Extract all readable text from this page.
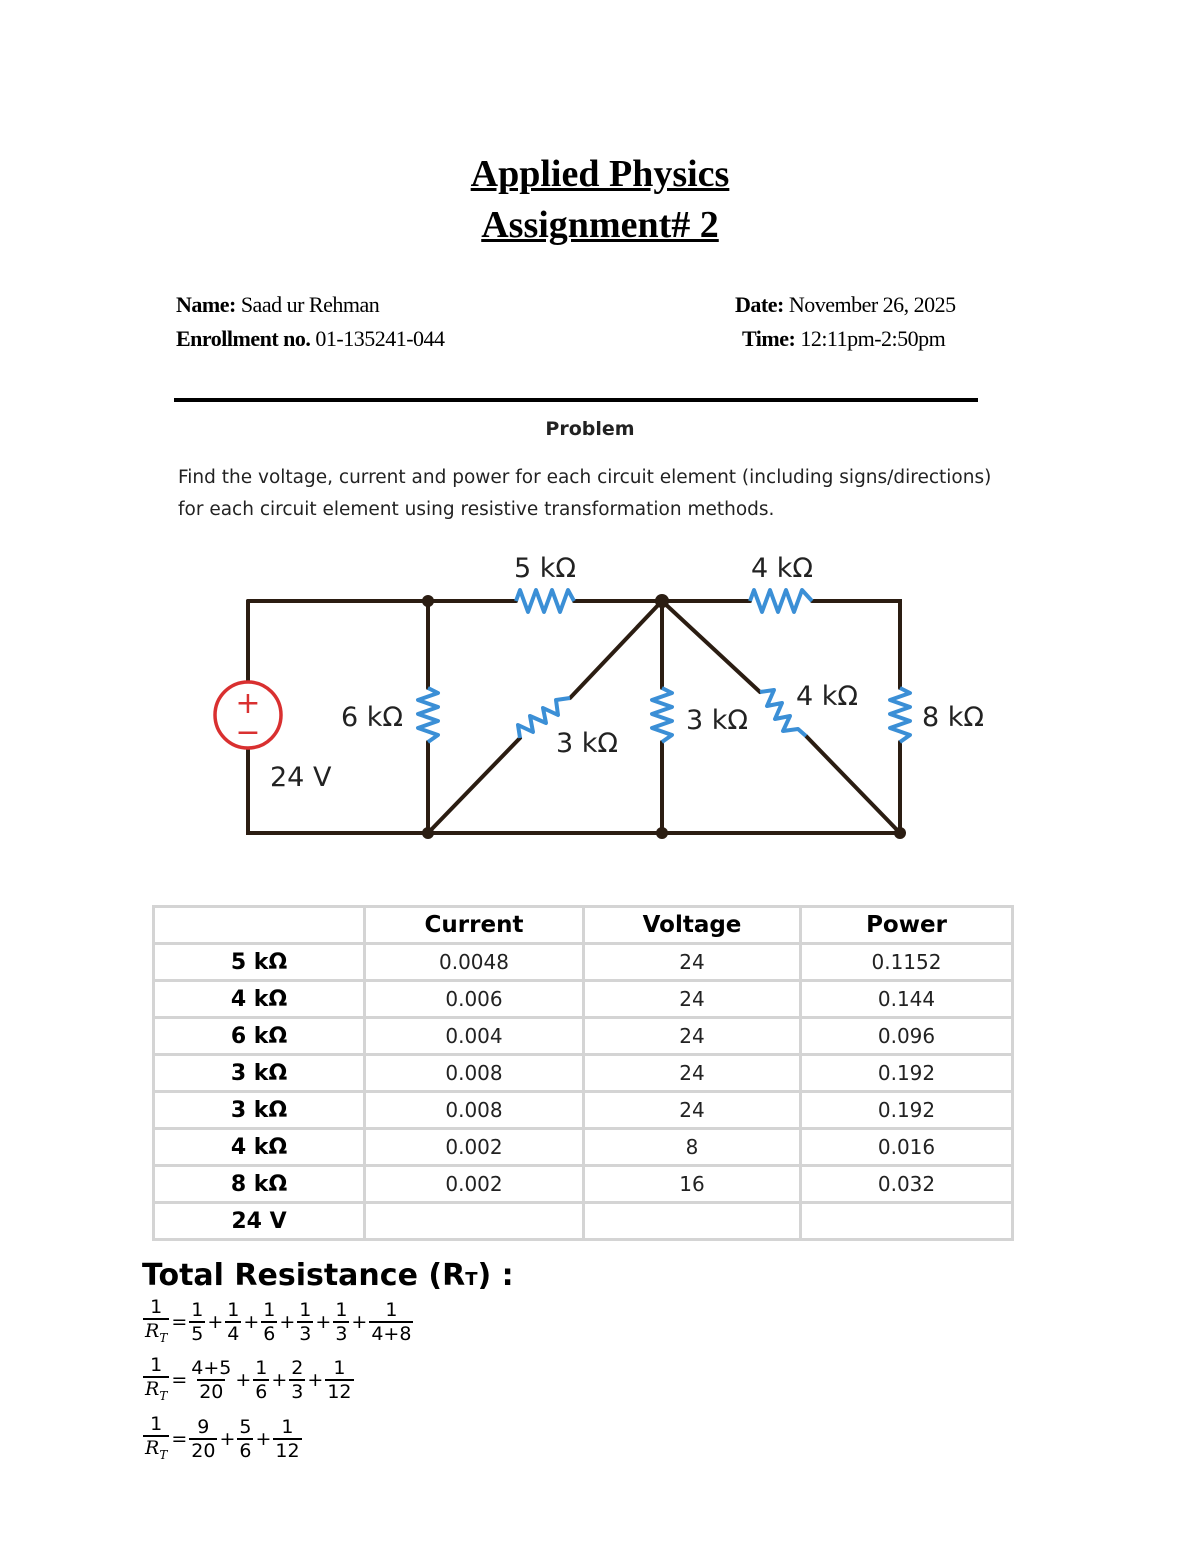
Applied Physics
Assignment# 2
Name: Saad ur Rehman
Enrollment no. 01-135241-044
Date: November 26, 2025
Time: 12:11pm-2:50pm
Problem
Find the voltage, current and power for each circuit element (including signs/directions) for each circuit element using resistive transformation methods.
+
−
5 kΩ	4 kΩ
6 kΩ
3 kΩ
3 kΩ
4 kΩ
8 kΩ
24 V
	Current	Voltage	Power
5 kΩ	0.0048	24	0.1152
4 kΩ	0.006	24	0.144
6 kΩ	0.004	24	0.096
3 kΩ	0.008	24	0.192
3 kΩ	0.008	24	0.192
4 kΩ	0.002	8	0.016
8 kΩ	0.002	16	0.032
24 V			
Total Resistance (RT) :
$\frac{1}{R_T} = \frac{1}{5} + \frac{1}{4} + \frac{1}{6} + \frac{1}{3} + \frac{1}{3} + \frac{1}{4+8}$
$\frac{1}{R_T} = \frac{4+5}{20} + \frac{1}{6} + \frac{2}{3} + \frac{1}{12}$
$\frac{1}{R_T} = \frac{9}{20} + \frac{5}{6} + \frac{1}{12}$
